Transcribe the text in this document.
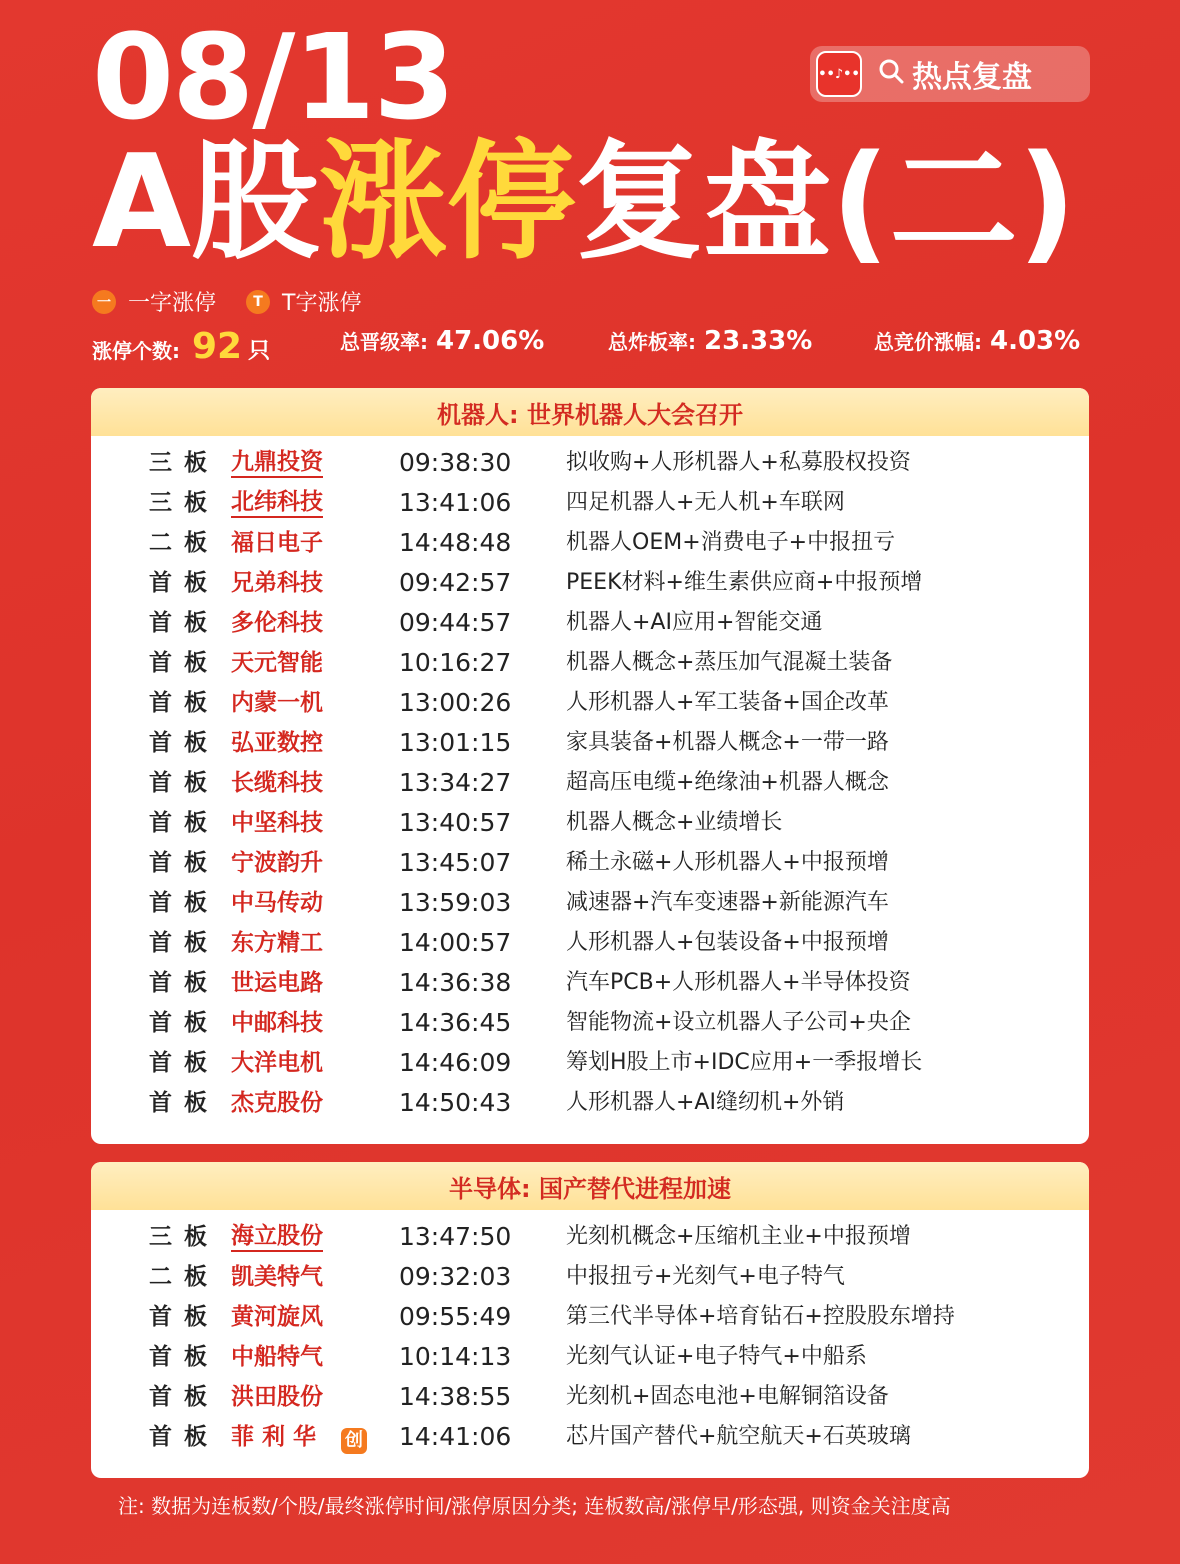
08/13
A股涨停复盘(二)
••♪•• 热点复盘
一 一字涨停	T T字涨停
涨停个数: 92 只	总晋级率: 47.06%	总炸板率: 23.33%	总竞价涨幅: 4.03%
机器人: 世界机器人大会召开
三板 九鼎投资	09:38:30 拟收购+人形机器人+私募股权投资
三板 北纬科技	13:41:06 四足机器人+无人机+车联网
二板 福日电子	14:48:48 机器人OEM+消费电子+中报扭亏
首板 兄弟科技	09:42:57 PEEK材料+维生素供应商+中报预增
首板 多伦科技	09:44:57 机器人+AI应用+智能交通
首板 天元智能	10:16:27 机器人概念+蒸压加气混凝土装备
首板 内蒙一机	13:00:26 人形机器人+军工装备+国企改革
首板 弘亚数控	13:01:15 家具装备+机器人概念+一带一路
首板 长缆科技	13:34:27 超高压电缆+绝缘油+机器人概念
首板 中坚科技	13:40:57 机器人概念+业绩增长
首板 宁波韵升	13:45:07 稀土永磁+人形机器人+中报预增
首板 中马传动	13:59:03 减速器+汽车变速器+新能源汽车
首板 东方精工	14:00:57 人形机器人+包装设备+中报预增
首板 世运电路	14:36:38 汽车PCB+人形机器人+半导体投资
首板 中邮科技	14:36:45 智能物流+设立机器人子公司+央企
首板 大洋电机	14:46:09 筹划H股上市+IDC应用+一季报增长
首板 杰克股份	14:50:43 人形机器人+AI缝纫机+外销
半导体: 国产替代进程加速
三板 海立股份	13:47:50 光刻机概念+压缩机主业+中报预增
二板 凯美特气	09:32:03 中报扭亏+光刻气+电子特气
首板 黄河旋风	09:55:49 第三代半导体+培育钻石+控股股东增持
首板 中船特气	10:14:13 光刻气认证+电子特气+中船系
首板 洪田股份	14:38:55 光刻机+固态电池+电解铜箔设备
首板 菲 利 华 创 14:41:06 芯片国产替代+航空航天+石英玻璃
注: 数据为连板数/个股/最终涨停时间/涨停原因分类; 连板数高/涨停早/形态强, 则资金关注度高
